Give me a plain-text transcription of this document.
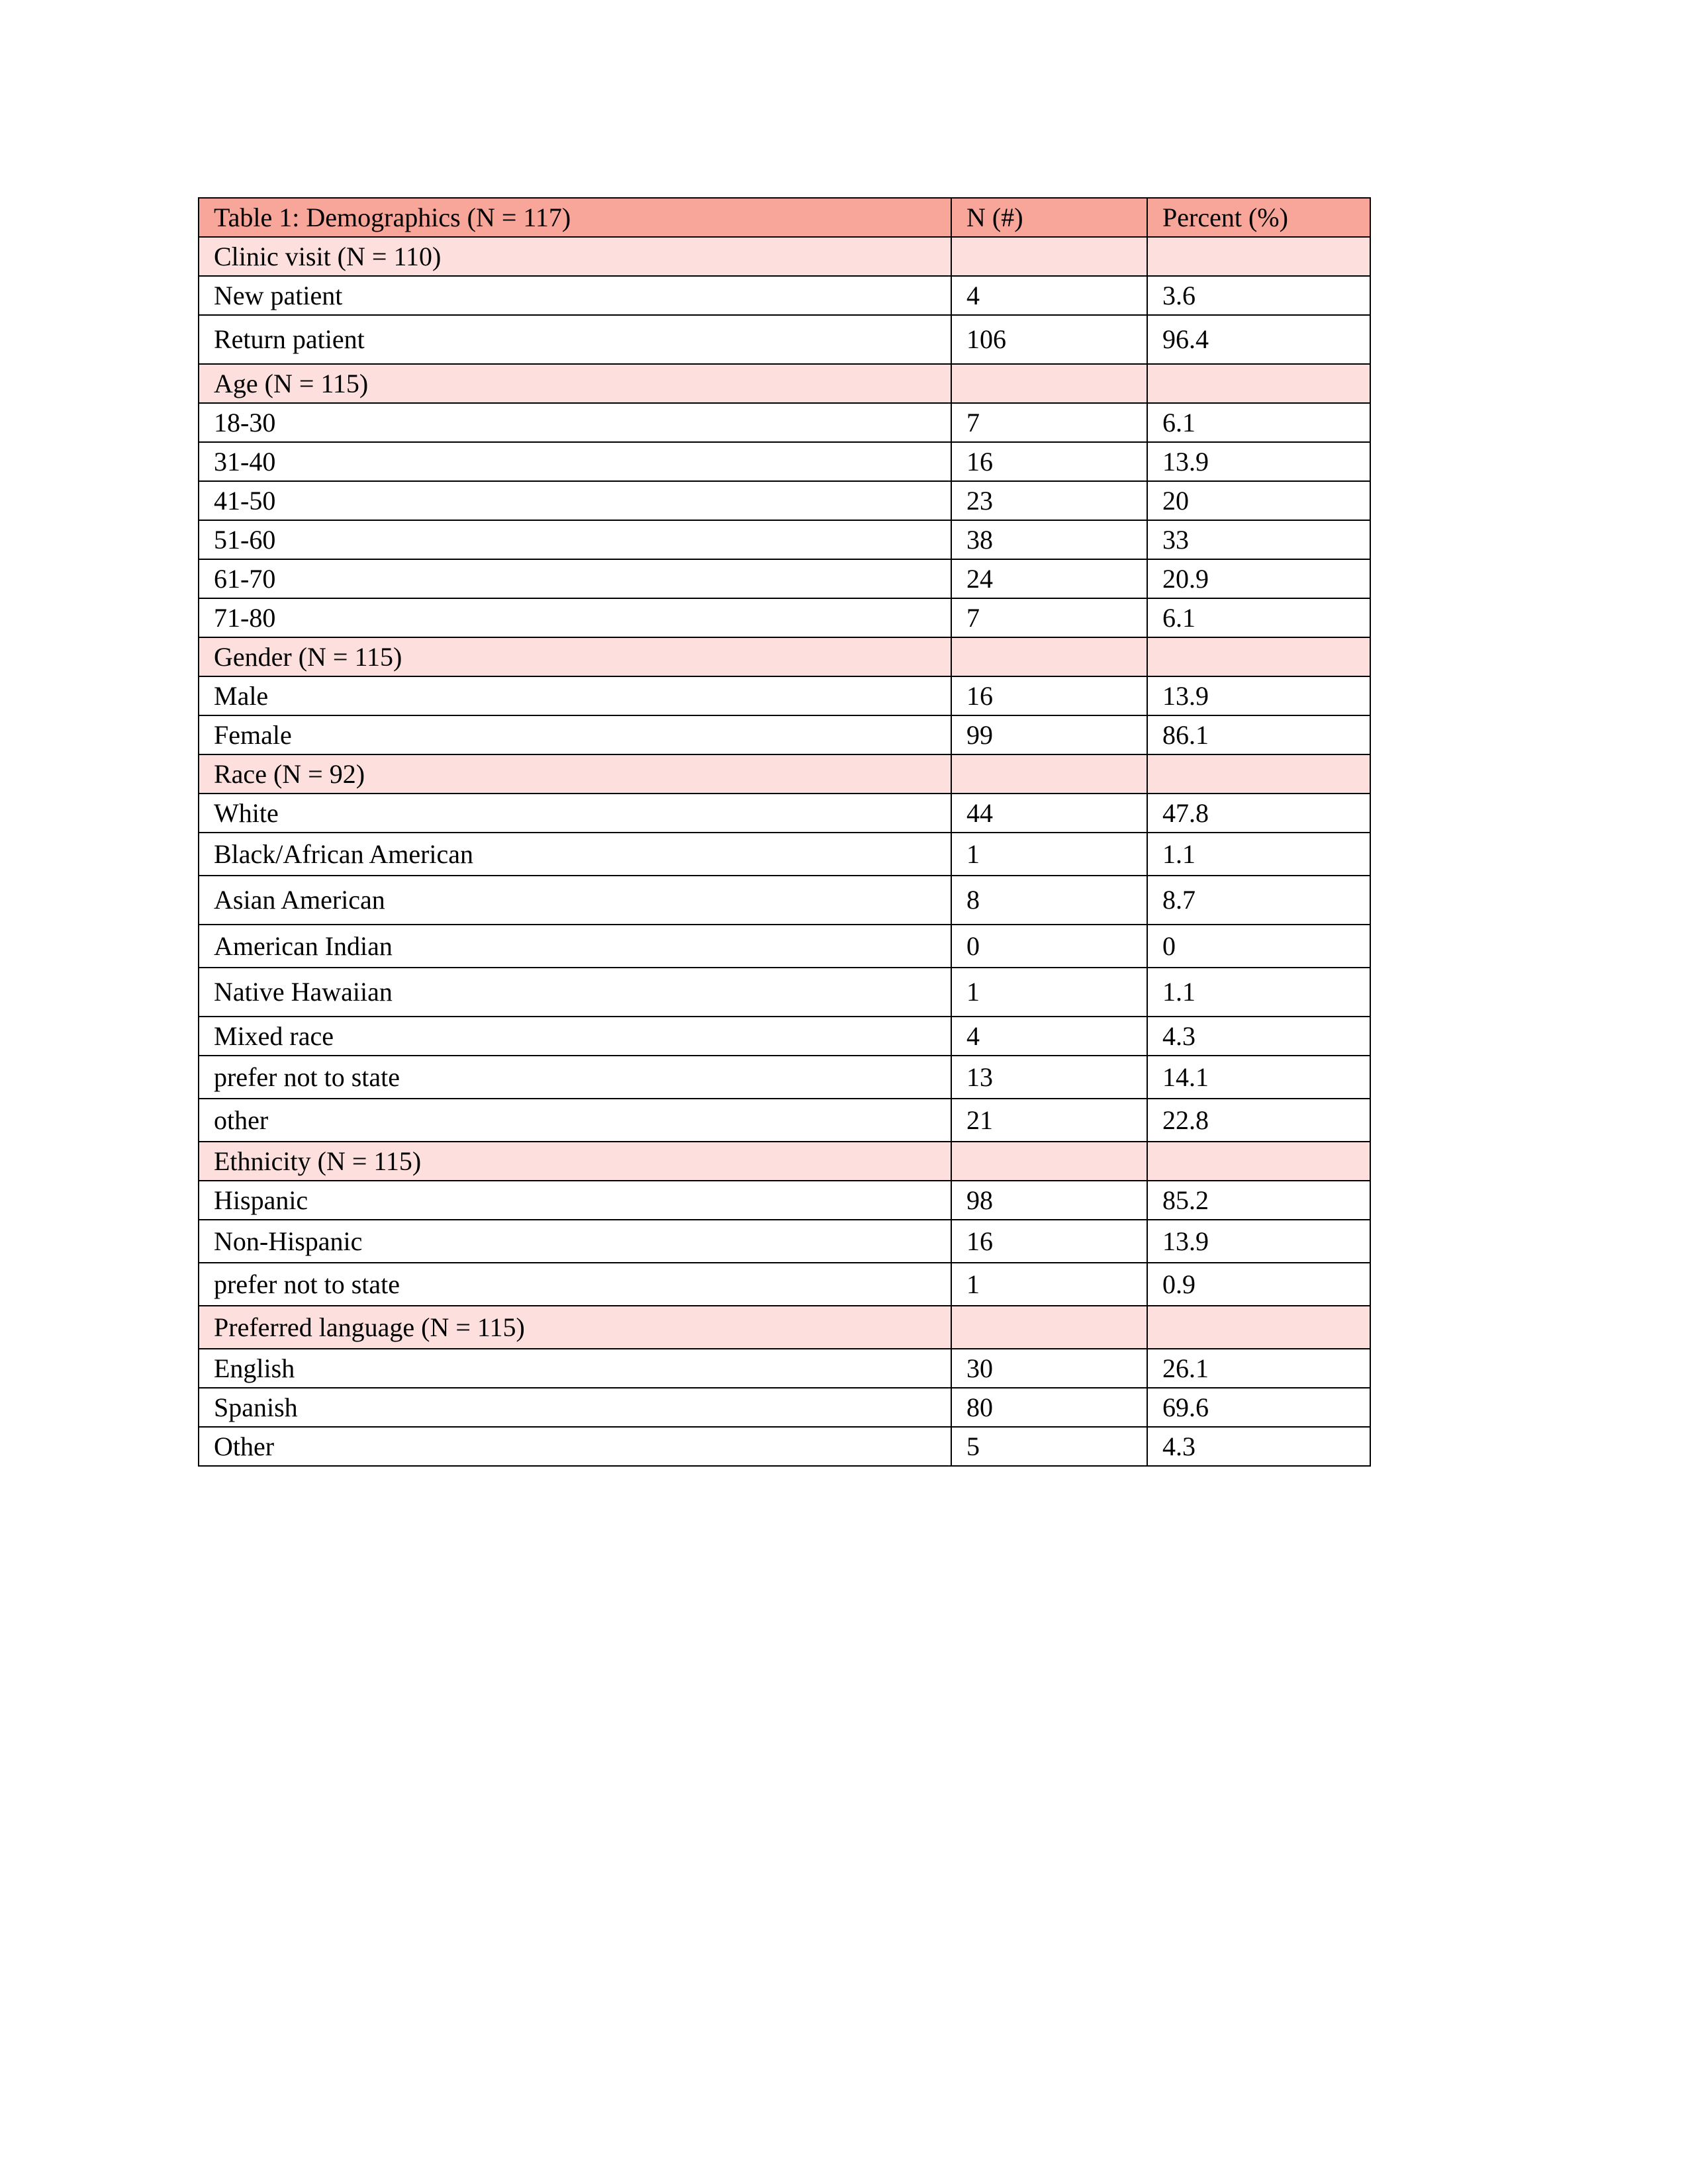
Table 1: Demographics (N = 117)	N (#)	Percent (%)
Clinic visit (N = 110)		
New patient	4	3.6
Return patient	106	96.4
Age (N = 115)		
18-30	7	6.1
31-40	16	13.9
41-50	23	20
51-60	38	33
61-70	24	20.9
71-80	7	6.1
Gender (N = 115)		
Male	16	13.9
Female	99	86.1
Race (N = 92)		
White	44	47.8
Black/African American	1	1.1
Asian American	8	8.7
American Indian	0	0
Native Hawaiian	1	1.1
Mixed race	4	4.3
prefer not to state	13	14.1
other	21	22.8
Ethnicity (N = 115)		
Hispanic	98	85.2
Non-Hispanic	16	13.9
prefer not to state	1	0.9
Preferred language (N = 115)		
English	30	26.1
Spanish	80	69.6
Other	5	4.3
